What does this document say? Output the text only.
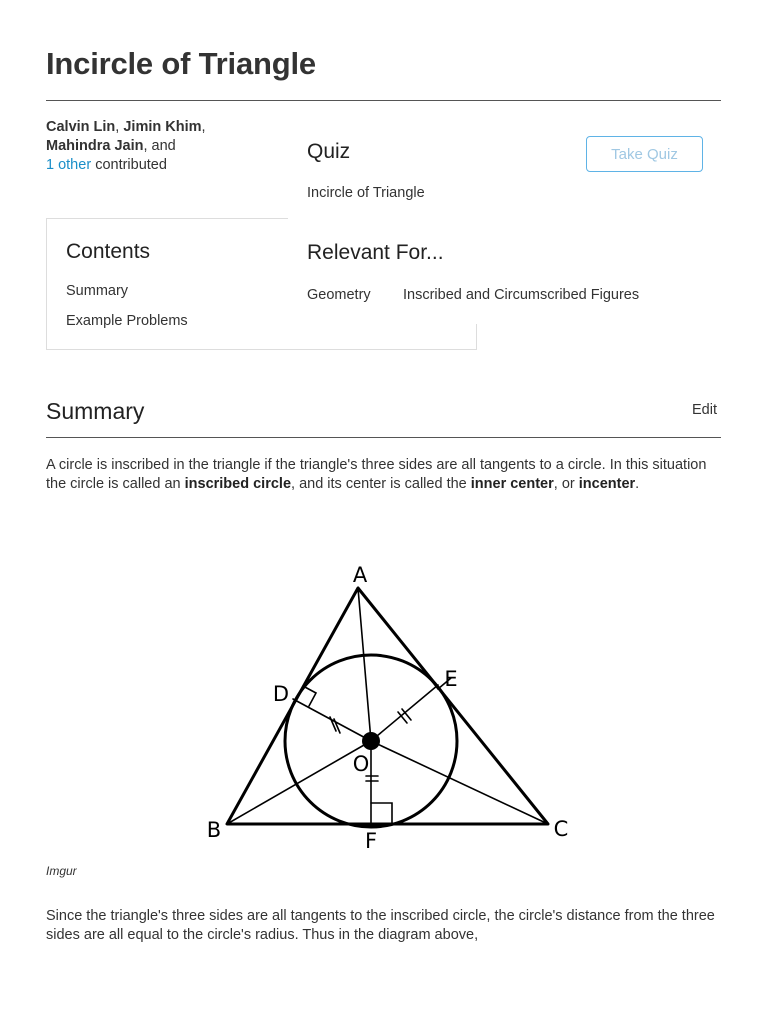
Incircle of Triangle
Calvin Lin, Jimin Khim, Mahindra Jain, and
1 other contributed
Contents
Summary
Example Problems
Quiz	Take Quiz
Incircle of Triangle
Relevant For...
Geometry Inscribed and Circumscribed Figures
Summary	Edit

A circle is inscribed in the triangle if the triangle's three sides are all tangents to a circle. In this situation the circle is called an inscribed circle, and its center is called the inner center, or incenter.

A
B	C
D
E
F
O
Imgur

Since the triangle's three sides are all tangents to the inscribed circle, the circle's distance from the three sides are all equal to the circle's radius. Thus in the diagram above,
